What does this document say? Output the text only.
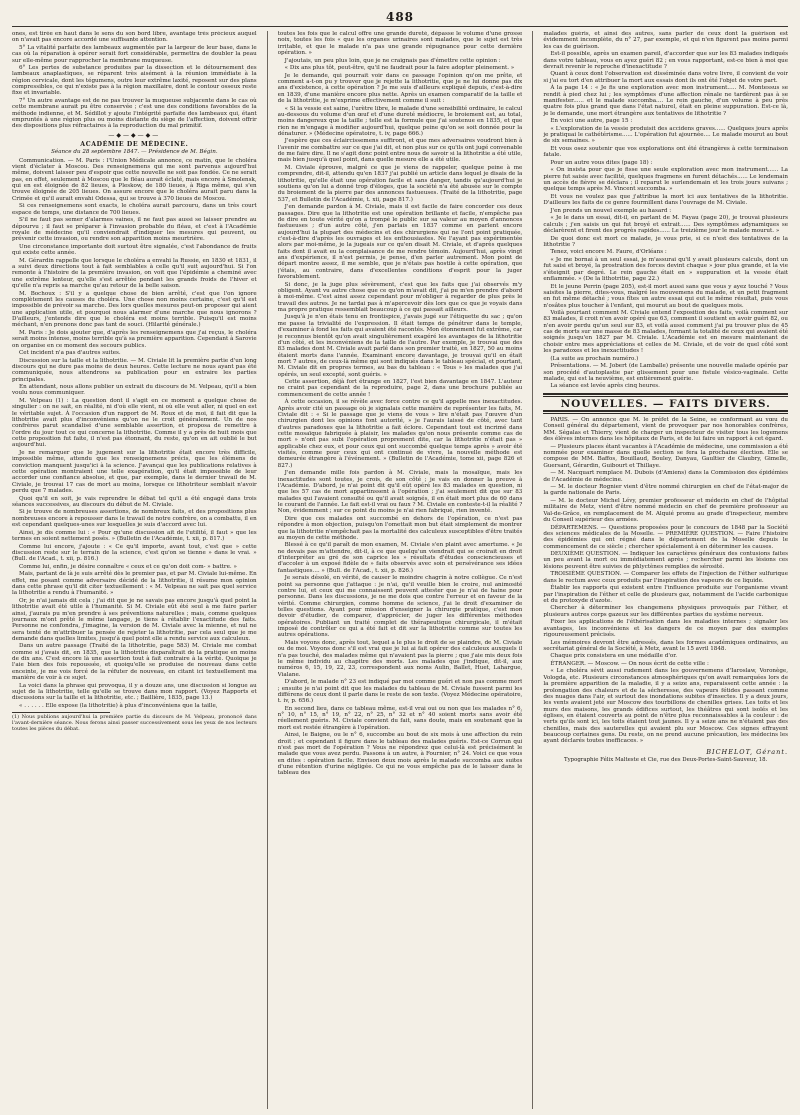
488

ones, est tirée en haut dans le sens du son bord libre, avantage très précieux auquel on n'avait pas encore accordé une suffisante attention.

5° La vitalité parfaite des lambeaux augmentée par la largeur de leur base, dans le cas où la réparation à opérer serait fort considérable, permettra de doubler la peau sur elle-même pour rapprocher la membrane muqueuse.

6° Les pertes de substance produites par la dissection et le détournement des lambeaux anaplastiques, se réparent très aisément à la réunion immédiate à la région cervicale, dont les tégumens, outre leur extrême laxité, reposent sur des plans compressibles, ce qui n'existe pas à la région maxillaire, dont le contour osseux reste fixe et invariable.

7° Un autre avantage est de ne pas trouver la muqueuse subjacente dans le cas où cette membrane aurait pu être conservée ; c'est une des conditions favorables de la méthode indienne, et M. Sédillot y ajoute l'intégrité parfaite des lambeaux qui, étant empruntés à une région plus ou moins distante du siège de l'affection, doivent offrir des dispositions plus réfractaires à la reproduction du mal primitif.

—◆—◆—◆—
ACADÉMIE DE MÉDECINE.
Séance du 28 septembre 1847. — Présidence de M. Bégin.

Communication. — M. Paris : l'Union Médicale annonce, ce matin, que le choléra vient d'éclater à Moscou. Des renseignemens qui me sont parvenus aujourd'hui même, doivent laisser peu d'espoir que cette nouvelle ne soit pas fondée. Ce ne serait pas, en effet, seulement à Moscou que le fléau aurait éclaté, mais encore à Smolensk, qui en est éloignée de 82 lieues, à Pleskow, de 180 lieues, à Riga même, qui s'en trouve éloignée de 205 lieues. On assure encore que le choléra aurait paru dans la Crimée et qu'il aurait envahi Odessa, qui se trouve à 370 lieues de Moscou.

Si ces renseignemens sont exacts, le choléra aurait parcouru, dans un très court espace de temps, une distance de 700 lieues.

S'il ne faut pas semer d'alarmes vaines, il ne faut pas aussi se laisser prendre au dépourvu ; il faut se préparer à l'invasion probable du fléau, et c'est à l'Académie royale de médecine qu'il conviendrait d'indiquer les mesures qui peuvent, ou prévenir cette invasion, ou rendre son apparition moins meurtrière.

Une circonstance importante doit surtout être signalée, c'est l'abondance de fruits qui existe cette année.

M. Gérardin rappelle que lorsque le choléra a envahi la Russie, en 1830 et 1831, il a suivi deux directions tout à fait semblables à celle qu'il suit aujourd'hui. Si l'on remonte à l'histoire de la première invasion, on voit que l'épidémie a cheminé avec une extrême lenteur, qu'elle s'est arrêtée pendant les grands froids de l'hiver et qu'elle n'a repris sa marche qu'au retour de la belle saison.

M. Bochoux : S'il y a quelque chose de bien arrêté, c'est que l'on ignore complètement les causes du choléra. Une chose non moins certaine, c'est qu'il est impossible de prévoir sa marche. Des lors quelles mesures peut-on proposer qui aient une application utile, et pourquoi nous alarmer d'une marche que nous ignorons ? D'ailleurs, j'entends dire que le choléra est moins terrible. Puisqu'il est moins méchant, n'en prenons donc pas tant de souci. (Hilarité générale.)

M. Paris : Je dois ajouter que, d'après les renseignemens que j'ai reçus, le choléra serait moins intense, moins terrible qu'à sa première apparition. Cependant à Sarovie on organise en ce moment des secours publics.

Cet incident n'a pas d'autres suites.

Discussion sur la taille et la lithotritie. — M. Civiale lit la première partie d'un long discours qui ne dure pas moins de deux heures. Cette lecture ne nous ayant pas été communiquée, nous attendrons sa publication pour en extraire les parties principales.

En attendant, nous allons publier un extrait du discours de M. Velpeau, qu'il a bien voulu nous communiquer.

M. Velpeau (1) : La question dont il s'agit en ce moment a quelque chose de singulier : on ne sait, en réalité, ni d'où elle vient, ni où elle veut aller, ni quel en est le véritable sujet. À l'occasion d'un rapport de M. Roux et de moi, il fait dit que la lithotritie avait plus d'inconvéniens qu'on ne le croit généralement. Un de nos confrères parut scandalisé d'une semblable assertion, et proposa de remettre à l'ordre du jour tout ce qui concerne la lithotritie. Comme il y a près de huit mois que cette proposition fut faite, il n'est pas étonnant, du reste, qu'on en ait oublié le but aujourd'hui.

Je ne remarquer que le jugement sur la lithotritie était encore très difficile, impossible même, attendu que les renseignemens précis, que les élémens de conviction manquent jusqu'ici à la science. J'avançai que les publications relatives à cette opération montraient une telle exagération, qu'il était impossible de leur accorder une confiance absolue, et que, par exemple, dans le dernier travail de M. Civiale, je trouvai 17 cas de mort au moins, lorsque ce lithotriteur semblait n'avoir perdu que 7 malades.

Quoi qu'il en soit, je vais reprendre le débat tel qu'il a été engagé dans trois séances successives, au discours du début de M. Civiale.

Si je trouve de nombreuses assertions, de nombreux faits, et des propositions plus nombreuses encore à repousser dans le travail de notre confrère, on a combattu, il en est cependant quelques-unes sur lesquelles je suis d'accord avec lui.

Ainsi, je dis comme lui : « Pour qu'une discussion ait de l'utilité, il faut » que les termes en soient nettement posés. » (Bulletin de l'Académie, t. xii, p. 817.)

Comme lui encore, j'ajoute : « Ce qu'il importe, avant tout, c'est que » cette discussion reste sur le terrain de la science, c'est qu'on se tienne » dans le vrai. » (Bull. de l'Acad., t. xii, p. 816.)

Comme lui, enfin, je désire connaître « ceux et ce qu'on doit com- » battre. »

Mais, partant de là je suis arrêté dès le premier pas, et par M. Civiale lui-même. En effet, me posant comme adversaire décidé de la lithotritie, il résume mon opinion dans cette phrase qu'il dit citer textuellement : « M. Velpeau ne sait pas quel service la lithotritie a rendu à l'humanité. »

Or, je n'ai jamais dit cela ; j'ai dit que je ne savais pas encore jusqu'à quel point la lithotritie avait été utile à l'humanité. Si M. Civiale eût été seul à me faire parler ainsi, j'aurais pu m'en prendre à ses préventions naturelles ; mais, comme quelques journaux m'ont prêté le même langage, je tiens à rétablir l'exactitude des faits. Personne ne confondra, j'imagine, la version de M. Civiale avec la mienne, et nul ne sera tenté de m'attribuer la pensée de rejeter la lithotritie, par cela seul que je me demande dans quelles limites, jusqu'à quel point elle a rendu service aux calculeux.

Dans un autre passage (Traité de la lithotritie, page 583) M. Civiale me combat comme si j'avais dit, en 1835, que la lithotritie disparaîtrait de la pratique en moins de dix ans. C'est encore là une assertion tout à fait contraire à la vérité. Quoique je l'aie bien des fois repoussée, et quoiqu'elle se produise de nouveau dans cette enceinte, je me vois forcé de la réfuter de nouveau, en citant ici textuellement ma manière de voir à ce sujet.

La voici dans la phrase qui provoqua, il y a douze ans, une discussion si longue au sujet de la lithotritie, telle qu'elle se trouve dans mon rapport. (Voyez Rapports et discussions sur la taille et la lithotritie, etc. ; Baillière, 1835, page 13.)

« . . . . . . Elle expose (la lithotritie) à plus d'inconvéniens que la taille,

(1) Nous publions aujourd'hui la première partie du discours de M. Velpeau, prononcé dans l'avant-dernière séance. Nous ferons ainsi passer successivement sous les yeux de nos lecteurs toutes les pièces du débat.

toutes les fois que le calcul offre une grande dureté, dépasse le volume d'une grosse noix, toutes les fois « que les organes urinaires sont malades, que le sujet est très irritable, et que le malade n'a pas une grande répugnance pour cette dernière opération. »

J'ajoutais, un peu plus loin, que je ne craignais pas d'émettre cette opinion :

« Dix ans plus tôt, peut-être, qu'il ne faudrait pour la faire adopter pleinement. »

Je le demande, qui pourrait voir dans ce passage l'opinion qu'on me prête, et comment a-t-on pu y trouver que je rejette la lithotritie, que je ne lui donne pas dix ans d'existence, à cette opération ? Je me suis d'ailleurs expliqué depuis, c'est-à-dire en 1839, d'une manière encore plus nette. Après un examen comparatif de la taille et de la lithotritie, je m'exprime effectivement comme il suit :

« Si la vessie est saine, l'urètre libre, le malade d'une sensibilité ordinaire, le calcul au-dessous du volume d'un œuf et d'une dureté médiocre, le broiement est, au total, moins dangereux que la taille ; telle est la formule que j'ai soutenue en 1835, et que rien ne m'engage à modifier aujourd'hui, quelque peine qu'on se soit donnée pour la dénaturer. » (Médecine opératoire, t. iv, page 666.)

J'espère que ces éclaircissemens suffiront, et que mes adversaires voudront bien à l'avenir me combattre sur ce que j'ai dit, et non plus sur ce qu'ils ont jugé convenable de me faire dire. Il ne s'agit donc point entre nous de savoir si la lithotritie a été utile, mais bien jusqu'à quel point, dans quelle mesure elle a été utile.

M. Civiale éprouve, malgré ce que je viens de rappeler, quelque peine à me comprendre, dit-il, attendu qu'en 1837 j'ai publié un article dans lequel je disais de la lithotritie, qu'elle était une opération facile et sans danger, tandis qu'aujourd'hui je soutiens qu'on lui a donné trop d'éloges, que la société n'a été abusée sur le compte du broiement de la pierre par des annonces fastueuses. (Traité de la lithotritie, page 537, et Bulletin de l'Académie, t. xii, page 817.)

J'en demande pardon à M. Civiale, mais il est facile de faire concorder ces deux passages. Dire que la lithotritie est une opération brillante et facile, n'empêche pas de dire en toute vérité qu'on a trompé le public sur sa valeur au moyen d'annonces fastueuses ; d'un autre côté, j'en parlais en 1837 comme en parlent encore aujourd'hui la plupart des médecins et des chirurgiens qui ne l'ont point pratiquée, c'est-à-dire d'après les ouvrages et les enthousiastes. Ne l'ayant pas expérimentée alors par moi-même, je la jugeais sur ce qu'en disait M. Civiale, et d'après quelques faits dont il avait eu la complaisance de me rendre témoin. Aujourd'hui, après vingt ans d'expérience, il n'est permis, je pense, d'en parler autrement. Mon point de départ montre assez, il me semble, que je n'étais pas hostile à cette opération, que j'étais, au contraire, dans d'excellentes conditions d'esprit pour la juger favorablement.

Si donc, je la juge plus sévèrement, c'est que les faits que j'ai observés m'y obligent. Ayant vu autre chose que ce qu'on m'avait dit, j'ai pu m'en prendre d'abord à moi-même. C'est ainsi assez cependant pour m'obliger à regarder de plus près le travail des autres. Je ne tardai pas à m'apercevoir dès lors que ce que je voyais dans ma propre pratique ressemblait beaucoup à ce qui passait ailleurs.

Jusqu'à je n'en étais tenu en frontispice, j'avais jugé sur l'étiquette du sac ; qu'on me passe la trivialité de l'expression. Il était temps de pénétrer dans le temple, d'examiner à fond les faits qui avaient été racontés. Mon étonnement fut extrême, car je reconnus bientôt qu'on avait singulièrement exagéré les avantages de la lithotritie d'un côté, et les inconvéniens de la taille de l'autre. Par exemple, je trouvai que des 83 malades dont M. Civiale avait parlé dans son premier traité, en 1827, 50 au moins étaient morts dans l'année. Examinant encore davantage, je trouvai qu'il en était mort 7 autres, de ceux-là même qui sont indiqués dans le tableau spécial, et pourtant, M. Civiale dit en propres termes, au bas du tableau : « Tous » les malades que j'ai opérés, un seul excepté, sont guéris. »

Cette assertion, déjà fort étrange en 1827, l'est bien davantage en 1847. L'auteur ne craint pas cependant de la reproduire, page 2, dans une brochure publiée au commencement de cette année !

À cette occasion, il se révèle avec force contre ce qu'il appelle mes inexactitudes. Après avoir cité un passage où je signalais cette manière de représenter les faits, M. Civiale dit : « Si le passage que je viens de vous » lire n'était pas l'œuvre d'un chirurgien dont les opinions font autorité, » je l'aurais laissé de côté, avec tant d'autres paradoxes que la lithotritie a fait éclore. Cependant tout est incrimé dans cette mosaïque fabriquée à plaisir, les malades qu'on nous présente comme cas de mort » n'ont pas subi l'opération proprement dite, car la lithotritie n'était pas » applicable chez eux, et pour ceux qui ont succombé quelque temps après » avoir été visités, comme pour ceux qui ont continué de vivre, la nouvelle méthode est demeurée étrangère à l'événement. » (Bulletin de l'Académie, tome xii, page 826 et 827.)

J'en demande mille fois pardon à M. Civiale, mais la mosaïque, mais les inexactitudes sont toutes, je crois, de son côté ; je vais en donner la preuve à l'Académie. D'abord, je n'ai point dit qu'il eût opéré les 83 malades en question, ni que les 57 cas de mort appartinssent à l'opération ; j'ai seulement dit que sur 83 malades qui l'avaient consulté ou qu'il avait soignés, il en était mort plus de 60 dans le courant de l'année. Le fait est-il vrai ou faux ? M. Civiale en conteste-t-il la réalité ? Non, évidemment ; sur ce point du moins je n'ai rien fabriqué, rien inventé.

Dire que ces malades ont succombé en dehors de l'opération, ce n'est pas répondre à mon objection, puisqu'on l'omettait mon but était simplement de montrer que la lithotritie n'empêchait pas la mortalité des calculeux susceptibles d'être traités au moyen de cette méthode.

Blessé à ce qu'il paraît de mon examen, M. Civiale s'en plaint avec amertume. « Je ne devais pas m'attendre, dit-il, à ce que quelqu'un viendrait qui se croirait en droit d'interpréter au gré de son caprice les » résultats d'études consciencieuses et d'accoler à un exposé fidèle de » faits observés avec soin et persévérance ses idées fantastiques.... » (Bull. de l'Acad., t. xii, p. 826.)

Je serais désolé, en vérité, de causer le moindre chagrin à notre collègue. Ce n'est point sa personne que j'attaque : je n'ai, qu'il veuille bien le croire, nul animosité contre lui, et ceux qui me connaissent peuvent attester que je n'ai de haine pour personne. Dans les discussions, je ne me dois que contre l'erreur et en faveur de la vérité. Comme chirurgien, comme homme de science, j'ai le droit d'examiner de telles questions. Ayant pour mission d'enseigner la chirurgie pratique, c'est mon devoir d'étudier, de comparer, d'apprécier, de juger les différentes méthodes opératoires. Publiant un traité complet de thérapeutique chirurgicale, il m'était imposé de contrôler ce qui a été fait et dit sur la lithotritie comme sur toutes les autres opérations.

Mais voyons donc, après tout, lequel a le plus le droit de se plaindre, de M. Civiale ou de moi. Voyons donc s'il est vrai que je lui ai fait opérer des calculeux auxquels il n'a pas touché, des malades même qui n'avaient pas la pierre ; que j'aie mis deux fois le même individu au chapitre des morts. Les malades que j'indique, dit-il, aux numéros 6, 15, 19, 22, 23, correspondent aux noms Aulin, Ballet, Huet, Lahargue, Vialane.

D'abord, le malade n° 23 est indiqué par moi comme guéri et non pas comme mort ; ensuite je n'ai point dit que les malades du tableau de M. Civiale fussent parmi les différens de ceux dont il parle dans le reste de son texte. (Voyez Médecine opératoire, t. iv, p. 656.)

En second lieu, dans ce tableau même, est-il vrai oui ou non que les malades n° 6, n° 10, n° 15, n° 19, n° 22, n° 25, n° 32 et n° 40 soient morts sans avoir été réellement guéris. M. Civiale convient du fait, sans doute, mais en soutenant que la mort est restée étrangère à l'opération.

Ainsi, le Baigne, ou le n° 6, succombe au bout de six mois à une affection du rein droit ; et cependant il figure dans le tableau des malades guéris. Est-ce Corrun qui n'est pas mort de l'opération ? Vous ne répondrez que celui-là est précisément le malade que vous avez perdu. Passons à un autre, à Fournier, n° 24. Voici ce que vous en dites : opération facile. Envison deux mois après le malade succomba aux suites d'une rétention d'urine négligée. Ce qui ne vous empêche pas de le laisser dans le tableau des

malades guéris, et ainsi des autres, sans parler de ceux dont la guérison est évidemment incomplète, du n° 27, par exemple, et qui n'en figurent pas moins parmi les cas de guérison.

Est-il possible, après un examen pareil, d'accorder que sur les 83 malades indiqués dans votre tableau, vous en ayez guéri 82 ; en vous rapportant, est-ce bien à moi que devrait revenir le reproche d'inexactitude ?

Quant à ceux dont l'observation est disséminée dans votre livre, il convient de voir si j'ai eu tort d'en attribuer la mort aux essais dont ils ont été l'objet de votre part.

À la page 14 : « Je fis une exploration avec mon instrument..... M. Montessus se rendit à pied chez lui ; les symptômes d'une affection rénale ne tardèrent pas à se manifester...... et le malade succomba.... Le rein gauche, d'un volume à peu près quatre fois plus grand que dans l'état naturel, était en pleine suppuration. Est-ce là, je le demande, une mort étrangère aux tentatives de lithotritie ?

En voici une autre, page 15 :

« L'exploration de la vessie produisit des accidens graves...... Quelques jours après je pratiquai le cathétérisme...... L'opération fut ajournée.... Le malade mourut au bout de six semaines. »

Et vous osez soutenir que vos explorations ont été étrangères à cette terminaison fatale.

Pour un autre vous dites (page 18) :

« On insista pour que je fisse une seule exploration avec mon instrument...... La pierre fut saisie avec facilité, quelques fragmens en furent détachés...... Le lendemain un accès de fièvre se déclara ; il reparut le surlendemain et les trois jours suivans ; quelque temps après M. Vincent succomba. »

Et vous ne voulez pas que j'attribue la mort ici aux tentatives de la lithotritie. D'ailleurs les faits de ce genre fourmillent dans l'ouvrage de M. Civiale.

J'en prends un nouvel exemple au hasard :

« Je le dans un essai, dit-il, en parlant de M. Fayau (page 20), je trouvai plusieurs calculs ; j'en saisis un qui fut broyé et extrait...... Des symptômes adynamiques se déclarèrent et firent des progrès rapides...... Le treizième jour le malade mourut. »

De quoi donc est mort ce malade, je vous prie, si ce n'est des tentatives de la lithotritie ?

Tenez, voici encore M. Faure, d'Orléans :

« Je me bornai à un seul essai, je m'assurai qu'il y avait plusieurs calculs, dont un fut saisi et broyé, la prostration des forces devint chaque » jour plus grande, et la vie s'éteignit par degré. Le rein gauche était en » suppuration et la vessie était enflammée. » (De la lithotritie, page 22.)

Et le jeune Perrin (page 205), est-il mort aussi sans que vous y ayez touché ? Vous saisites la pierre, dites-vous, malgré les mouvemens du malade, et un petit fragment en fut même détaché ; vous fîtes un autre essai qui eut le même résultat, puis vous n'osâtes plus toucher à l'enfant, qui mourut au bout de quelques mois.

Voilà pourtant comment M. Civiale entend l'exposition des faits, voilà comment sur 83 malades, il croit n'en avoir opéré que 63, comment il soutient en avoir guéri 82, ou n'en avoir perdu qu'un seul sur 83, et voilà aussi comment j'ai pu trouver plus de 45 cas de morts sur une masse de 83 malades, formant la totalité de ceux qui avaient été soignés jusqu'en 1827 par M. Civiale. L'Académie est en mesure maintenant de choisir entre mes appréciations et celles de M. Civiale, et de voir de quel côté sont les paradoxes et les inexactitudes !

(La suite au prochain numéro.)

Présentations. — M. Jobert (de Lamballe) présente une nouvelle malade opérée par son procédé d'autoplastie par glissement pour une fistule vésico-vaginale. Cette malade, qui est la neuvième, est entièrement guérie.

La séance est levée après cinq heures.

NOUVELLES. — FAITS DIVERS.

PARIS. — On annonce que M. le préfet de la Seine, se conformant au vœu du Conseil général du département, vient de provoquer par nos honorables confrères, MM. Ségalas et Thierry, vient de charger un inspecteur de visiter tous les logemens des élèves internes dans les hôpitaux de Paris, et de lui faire un rapport à cet égard.

— Plusieurs places étant vacantes à l'Académie de médecine, une commission a été nommée pour examiner dans quelle section se fera la prochaine élection. Elle se compose de MM. Baffos, Bouillaud, Bouley, Danyau, Gaultier de Claubry, Gimelle, Guersant, Gérardin, Guibourt et Thillaye.

— M. Nacquart remplace M. Dubois (d'Amiens) dans la Commission des épidémies de l'Académie de médecine.

— M. le docteur Rognier vient d'être nommé chirurgien en chef de l'état-major de la garde nationale de Paris.

— M. le docteur Michel Lévy, premier professeur et médecin en chef de l'hôpital militaire de Metz, vient d'être nommé médecin en chef de première professeur au Val-de-Grâce, en remplacement de M. Alquié promu au grade d'inspecteur, membre du Conseil supérieur des armées.

DÉPARTEMENS. — Questions proposées pour le concours de 1848 par la Société des sciences médicales de la Moselle. — PREMIÈRE QUESTION. — Faire l'histoire des épidémies qui ont régné dans le département de la Moselle depuis le commencement de ce siècle ; chercher spécialement à en déterminer les causes.

DEUXIÈME QUESTION. — Indiquer les caractères généraux des contusions faites un peu avant la mort ou immédiatement après ; rechercher parmi les lésions ces lésions peuvent être suivies de phlyctènes remplies de sérosité.

TROISIÈME QUESTION. — Comparer les effets de l'injection de l'éther sulfurique dans le rectum avec ceux produits par l'inspiration des vapeurs de ce liquide.

Établir les rapports qui existent entre l'influence produite sur l'organisme vivant par l'inspiration de l'éther et celle de plusieurs gaz, notamment de l'acide carbonique et du protoxyde d'azote.

Chercher à déterminer les changemens physiques provoqués par l'éther, et plusieurs autres corps gazeux sur les différentes parties du système nerveux.

Fixer les applications de l'éthérisation dans les maladies internes ; signaler les avantages, les inconvéniens et les dangers de ce moyen par des exemples rigoureusement précisés.

Les mémoires devront être adressés, dans les formes académiques ordinaires, au secrétariat général de la Société, à Metz, avant le 15 avril 1848.

Chaque prix consistera en une médaille d'or.

ÉTRANGER. — Moscow. — On nous écrit de cette ville :

« Le choléra sévit aussi rudement dans les gouvernemens d'Iaroslaw, Voronège, Vologda, etc. Plusieurs circonstances atmosphériques qu'on avait remarquées lors de la première apparition de la maladie, il y a seize ans, reparaissent cette année : la prolongation des chaleurs et de la sécheresse, des vapeurs fétides passant comme des nuages dans l'air, et surtout des inondations subites d'insectes. Il y a deux jours, les vents avaient jeté sur Moscow des tourbillons de chenilles grises. Les toits et les murs des maisons, les grands édifices surtout, les théâtres qui sont isolés et les églises, en étaient couverts au point de n'être plus reconnaissables à la couleur : de verts qu'ils sont ici, les toits étaient tout jaunes. Il y a seize ans ne n'étaient pas des chenilles, mais des sauterelles qui avaient plu sur Moscow. Ces signes effrayent beaucoup certaines gens. Du reste, on ne prend aucune précaution, les médecins les ayant déclarés toutes inefficaces. »

BICHELOT, Gérant.
Typographie Félix Malteste et Cie, rue des Deux-Portes-Saint-Sauveur, 18.
